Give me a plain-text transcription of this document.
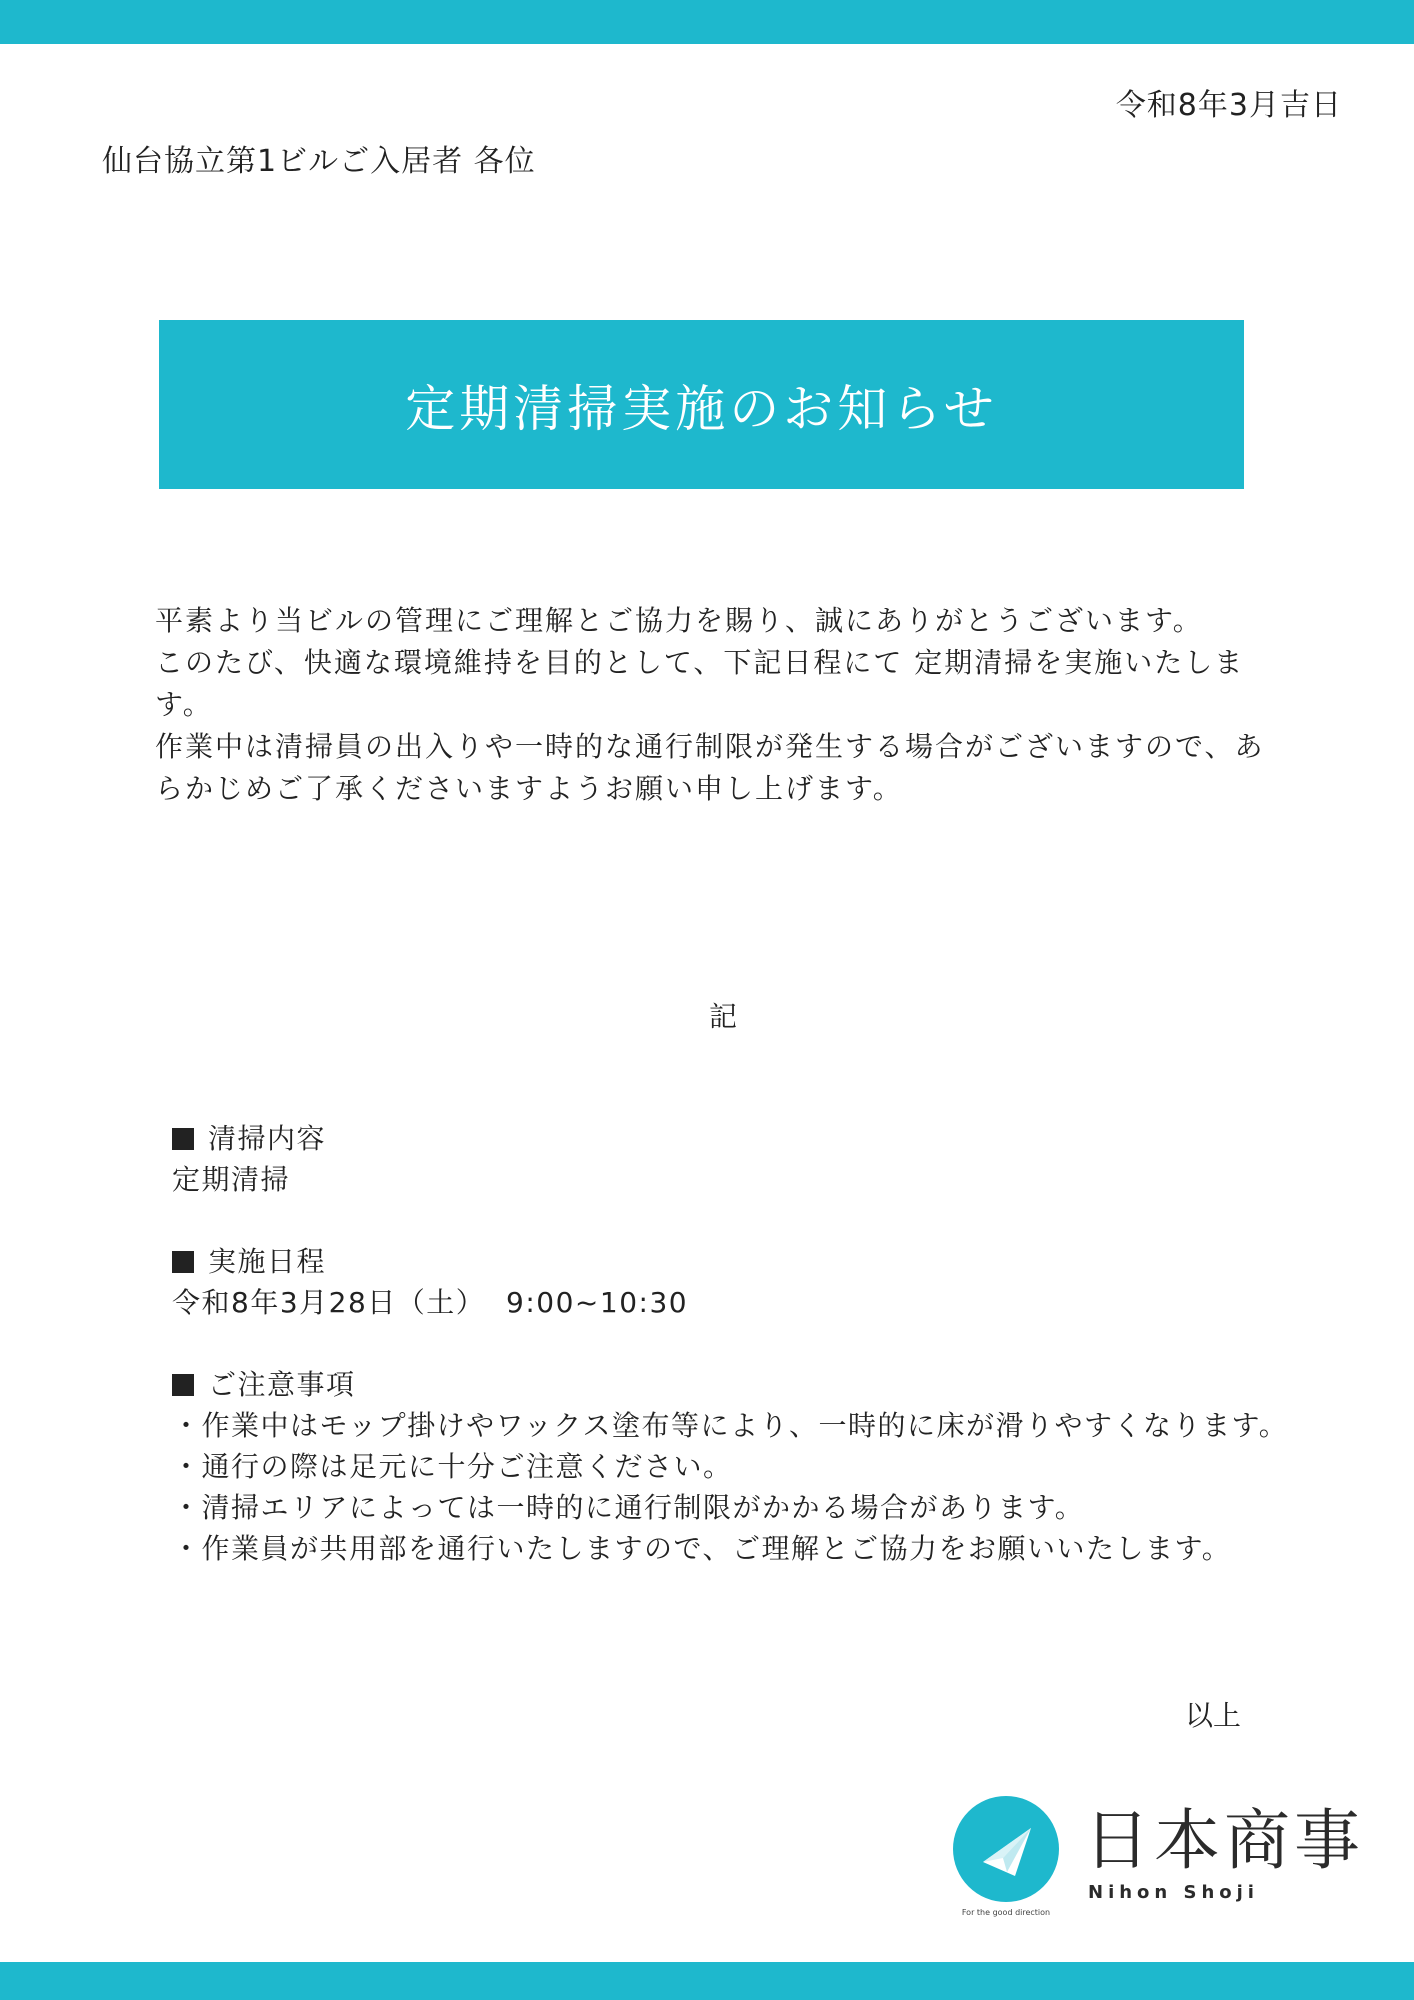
令和8年3月吉日
仙台協立第1ビルご入居者 各位
定期清掃実施のお知らせ

平素より当ビルの管理にご理解とご協力を賜り、誠にありがとうございます。

このたび、快適な環境維持を目的として、下記日程にて 定期清掃を実施いたします。

作業中は清掃員の出入りや一時的な通行制限が発生する場合がございますので、あらかじめご了承くださいますようお願い申し上げます。

記
清掃内容
定期清掃
実施日程
令和8年3月28日（土）  9:00~10:30
ご注意事項
・作業中はモップ掛けやワックス塗布等により、一時的に床が滑りやすくなります。
・通行の際は足元に十分ご注意ください。
・清掃エリアによっては一時的に通行制限がかかる場合があります。
・作業員が共用部を通行いたしますので、ご理解とご協力をお願いいたします。
以上
For the good direction
日本商事
Nihon Shoji
